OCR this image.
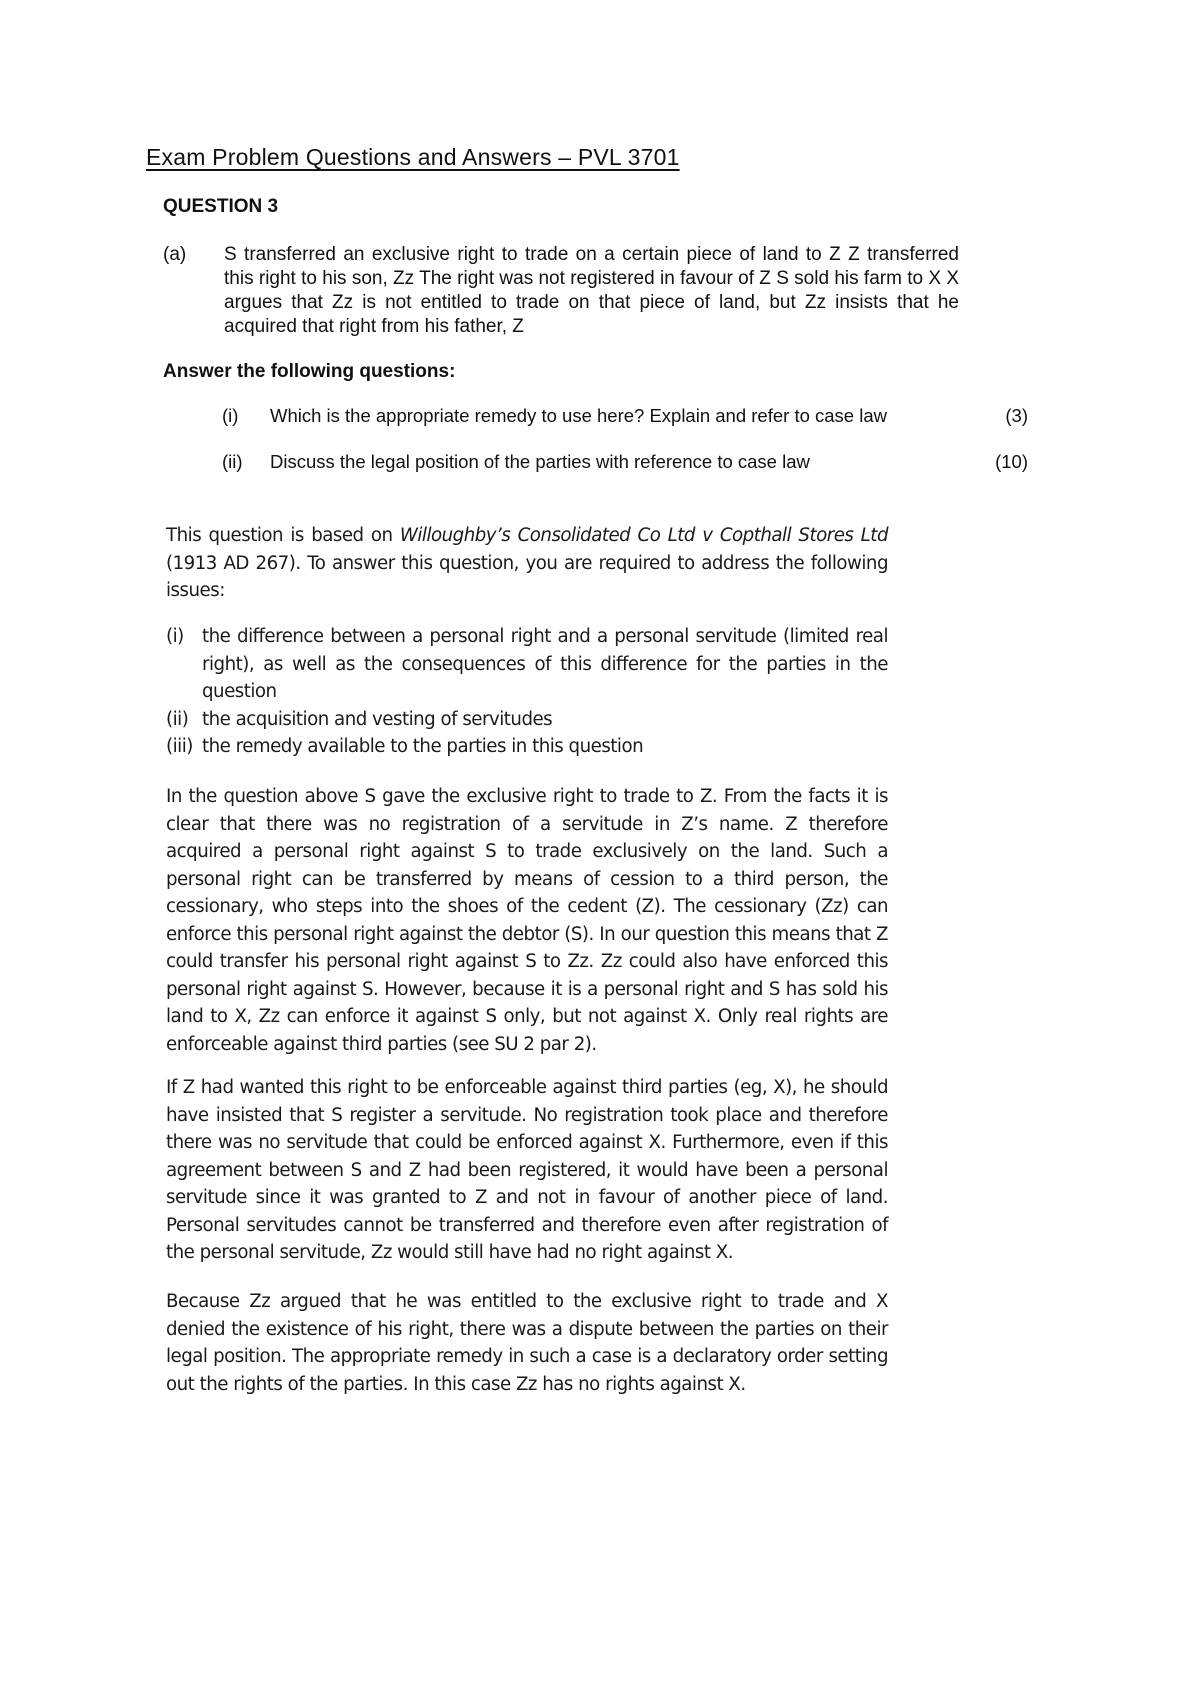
Exam Problem Questions and Answers – PVL 3701
QUESTION 3
(a) S transferred an exclusive right to trade on a certain piece of land to Z Z transferred this right to his son, Zz The right was not registered in favour of Z S sold his farm to X X argues that Zz is not entitled to trade on that piece of land, but Zz insists that he acquired that right from his father, Z
Answer the following questions:
(i) Which is the appropriate remedy to use here? Explain and refer to case law	(3)
(ii) Discuss the legal position of the parties with reference to case law	(10)

This question is based on Willoughby’s Consolidated Co Ltd v Copthall Stores Ltd (1913 AD 267). To answer this question, you are required to address the following issues:

(i) the difference between a personal right and a personal servitude (limited real right), as well as the consequences of this difference for the parties in the question
(ii) the acquisition and vesting of servitudes
(iii) the remedy available to the parties in this question

In the question above S gave the exclusive right to trade to Z. From the facts it is clear that there was no registration of a servitude in Z’s name. Z therefore acquired a personal right against S to trade exclusively on the land. Such a personal right can be transferred by means of cession to a third person, the cessionary, who steps into the shoes of the cedent (Z). The cessionary (Zz) can enforce this personal right against the debtor (S). In our question this means that Z could transfer his personal right against S to Zz. Zz could also have enforced this personal right against S. However, because it is a personal right and S has sold his land to X, Zz can enforce it against S only, but not against X. Only real rights are enforceable against third parties (see SU 2 par 2).

If Z had wanted this right to be enforceable against third parties (eg, X), he should have insisted that S register a servitude. No registration took place and therefore there was no servitude that could be enforced against X. Furthermore, even if this agreement between S and Z had been registered, it would have been a personal servitude since it was granted to Z and not in favour of another piece of land. Personal servitudes cannot be transferred and therefore even after registration of the personal servitude, Zz would still have had no right against X.

Because Zz argued that he was entitled to the exclusive right to trade and X denied the existence of his right, there was a dispute between the parties on their legal position. The appropriate remedy in such a case is a declaratory order setting out the rights of the parties. In this case Zz has no rights against X.
